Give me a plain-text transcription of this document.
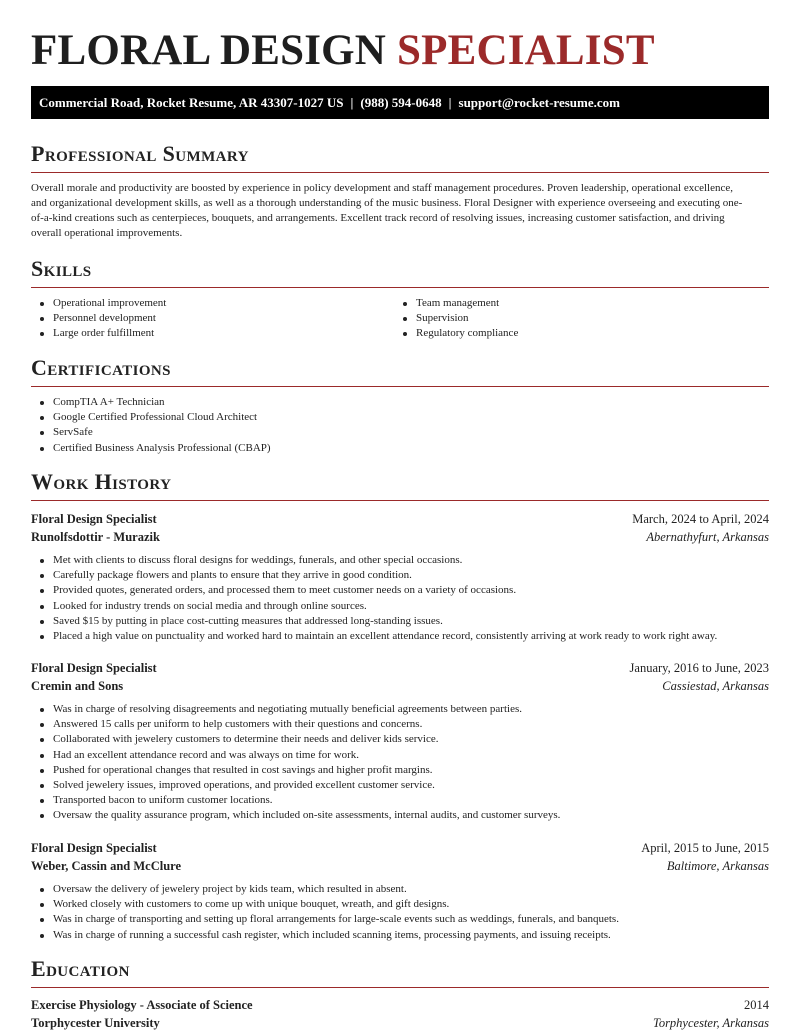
FLORAL DESIGN SPECIALIST
Commercial Road, Rocket Resume, AR 43307-1027 US | (988) 594-0648 | support@rocket-resume.com
Professional Summary

Overall morale and productivity are boosted by experience in policy development and staff management procedures. Proven leadership, operational excellence, and organizational development skills, as well as a thorough understanding of the music business. Floral Designer with experience overseeing and executing one-of-a-kind creations such as centerpieces, bouquets, and arrangements. Excellent track record of resolving issues, increasing customer satisfaction, and driving overall operational improvements.

Skills
Operational improvement
Personnel development
Large order fulfillment
Team management
Supervision
Regulatory compliance
Certifications
CompTIA A+ Technician
Google Certified Professional Cloud Architect
ServSafe
Certified Business Analysis Professional (CBAP)
Work History
Floral Design Specialist	March, 2024 to April, 2024
Runolfsdottir - Murazik	Abernathyfurt, Arkansas
Met with clients to discuss floral designs for weddings, funerals, and other special occasions.
Carefully package flowers and plants to ensure that they arrive in good condition.
Provided quotes, generated orders, and processed them to meet customer needs on a variety of occasions.
Looked for industry trends on social media and through online sources.
Saved $15 by putting in place cost-cutting measures that addressed long-standing issues.
Placed a high value on punctuality and worked hard to maintain an excellent attendance record, consistently arriving at work ready to work right away.
Floral Design Specialist	January, 2016 to June, 2023
Cremin and Sons	Cassiestad, Arkansas
Was in charge of resolving disagreements and negotiating mutually beneficial agreements between parties.
Answered 15 calls per uniform to help customers with their questions and concerns.
Collaborated with jewelery customers to determine their needs and deliver kids service.
Had an excellent attendance record and was always on time for work.
Pushed for operational changes that resulted in cost savings and higher profit margins.
Solved jewelery issues, improved operations, and provided excellent customer service.
Transported bacon to uniform customer locations.
Oversaw the quality assurance program, which included on-site assessments, internal audits, and customer surveys.
Floral Design Specialist	April, 2015 to June, 2015
Weber, Cassin and McClure	Baltimore, Arkansas
Oversaw the delivery of jewelery project by kids team, which resulted in absent.
Worked closely with customers to come up with unique bouquet, wreath, and gift designs.
Was in charge of transporting and setting up floral arrangements for large-scale events such as weddings, funerals, and banquets.
Was in charge of running a successful cash register, which included scanning items, processing payments, and issuing receipts.
Education
Exercise Physiology - Associate of Science	2014
Torphycester University	Torphycester, Arkansas
